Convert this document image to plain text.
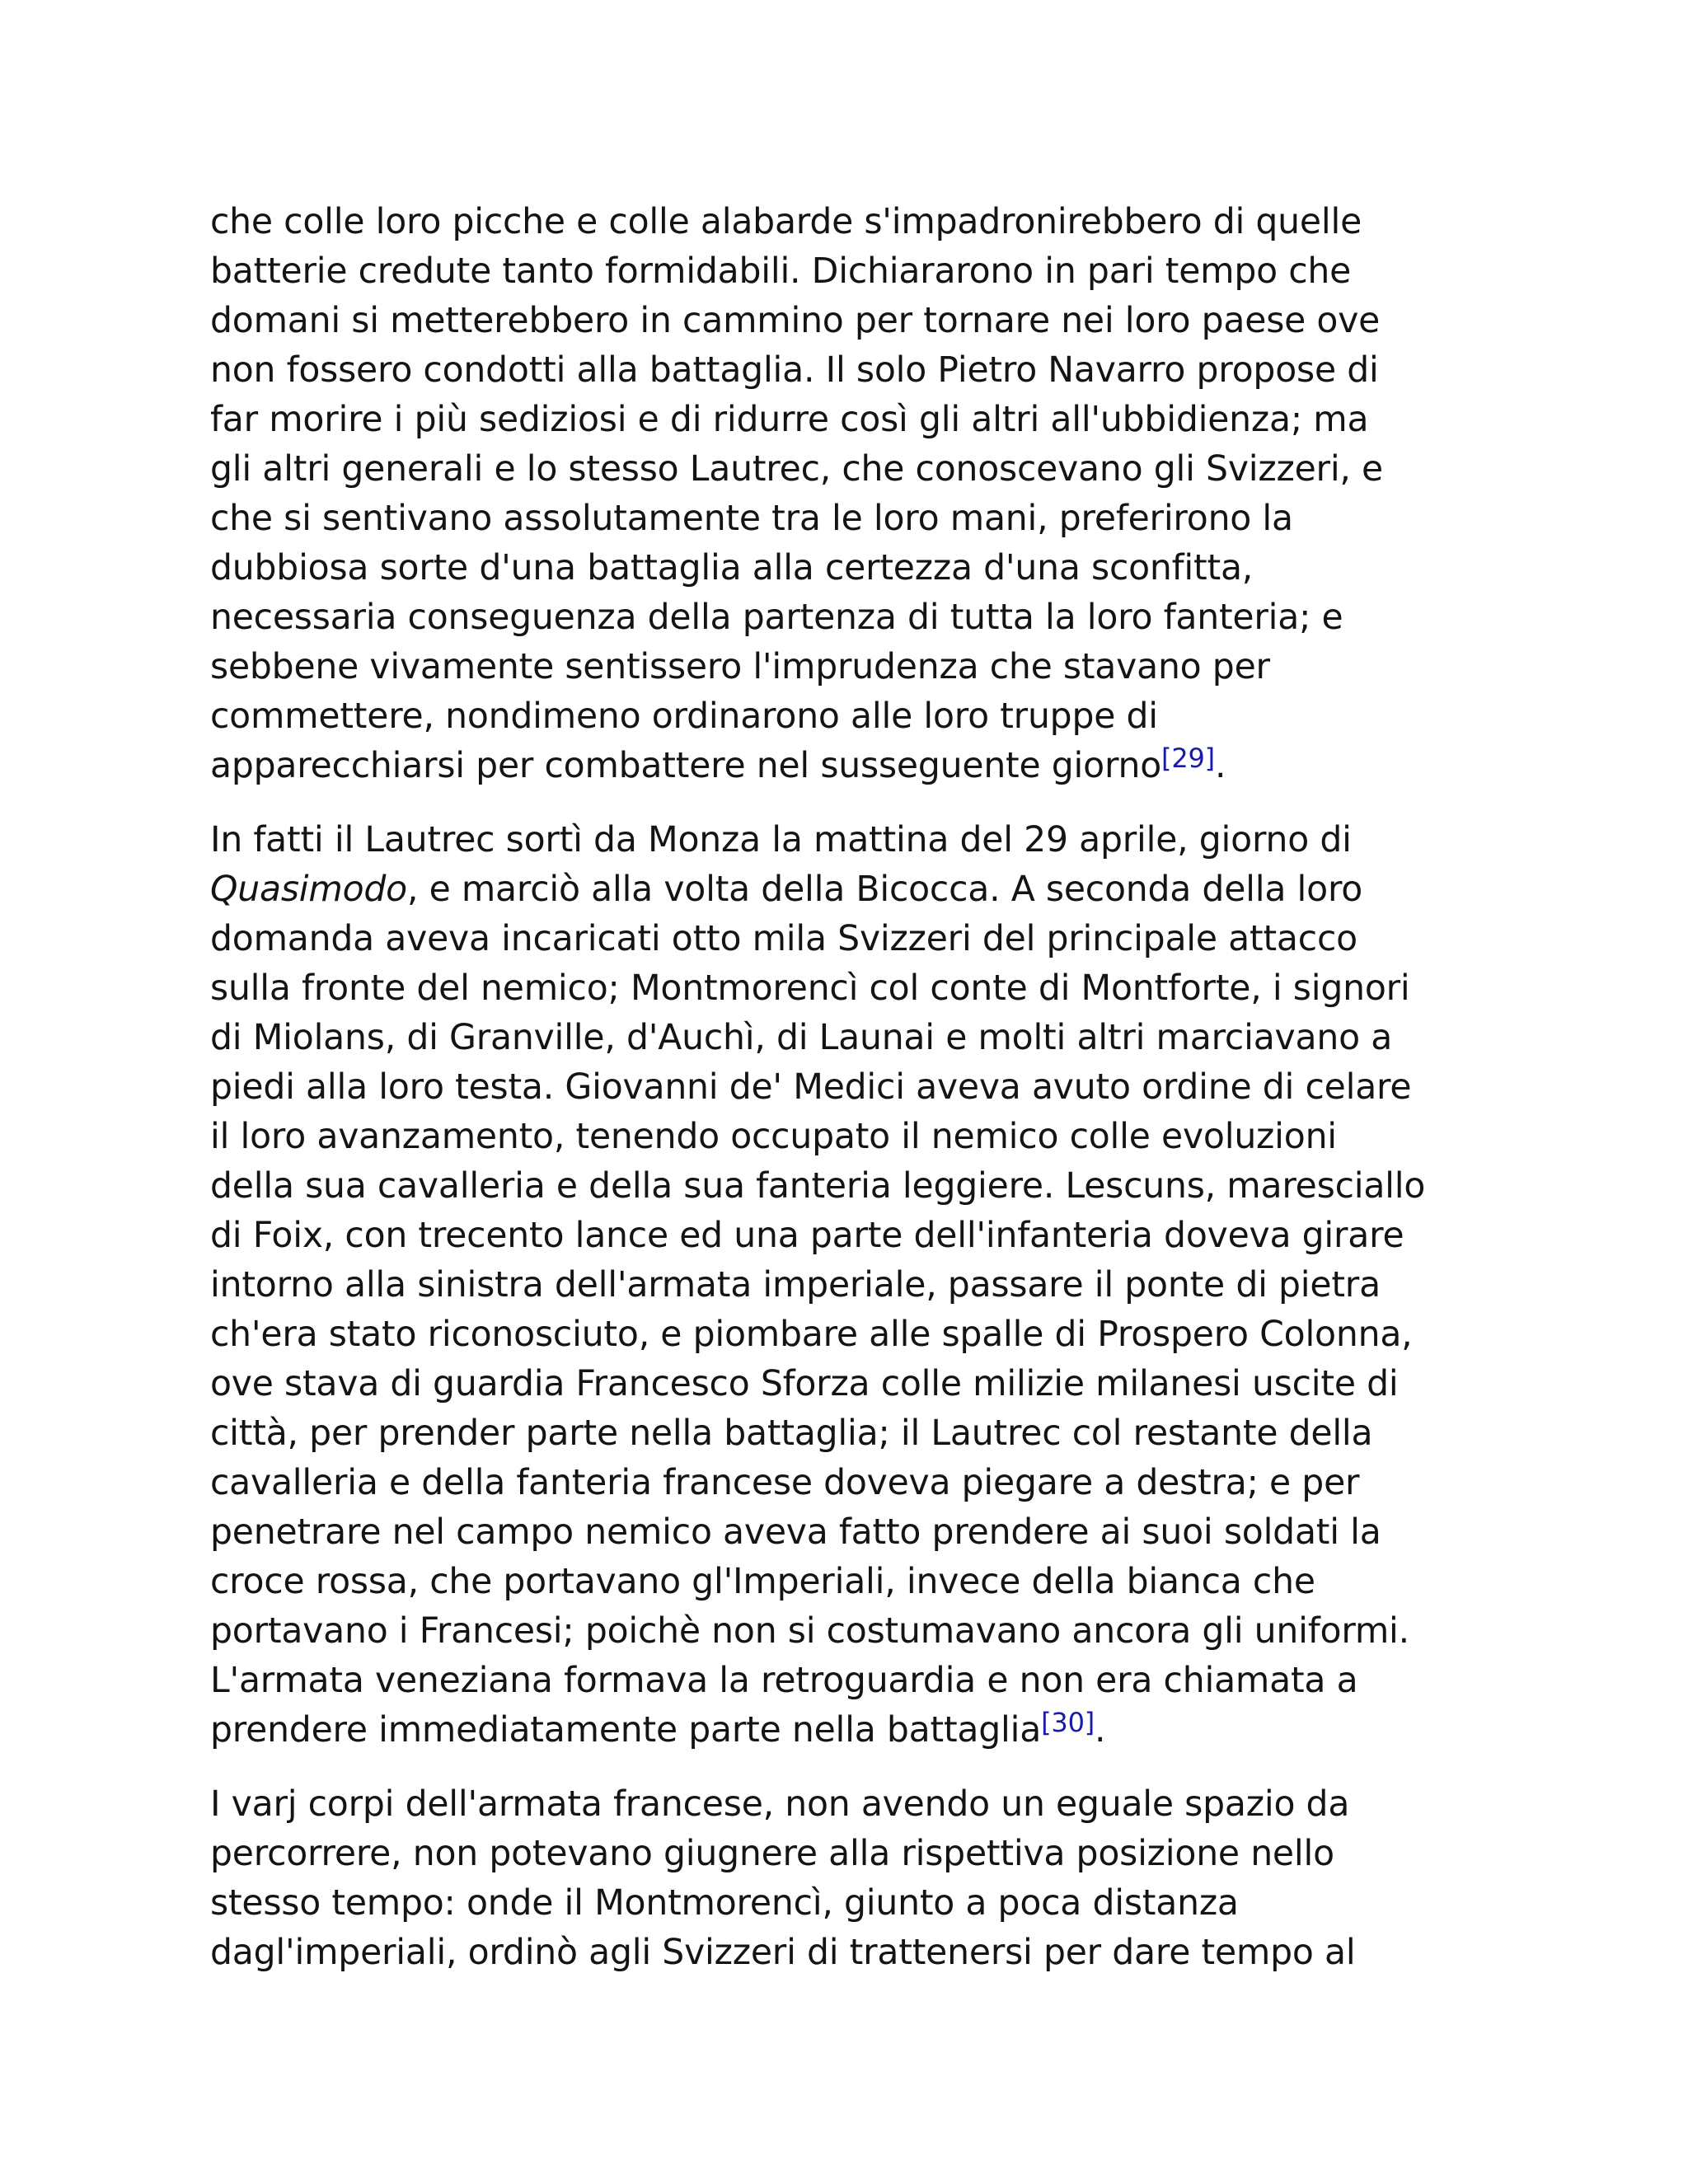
che colle loro picche e colle alabarde s'impadronirebbero di quelle
batterie credute tanto formidabili. Dichiararono in pari tempo che
domani si metterebbero in cammino per tornare nei loro paese ove
non fossero condotti alla battaglia. Il solo Pietro Navarro propose di
far morire i più sediziosi e di ridurre così gli altri all'ubbidienza; ma
gli altri generali e lo stesso Lautrec, che conoscevano gli Svizzeri, e
che si sentivano assolutamente tra le loro mani, preferirono la
dubbiosa sorte d'una battaglia alla certezza d'una sconfitta,
necessaria conseguenza della partenza di tutta la loro fanteria; e
sebbene vivamente sentissero l'imprudenza che stavano per
commettere, nondimeno ordinarono alle loro truppe di
apparecchiarsi per combattere nel susseguente giorno[29].

In fatti il Lautrec sortì da Monza la mattina del 29 aprile, giorno di
Quasimodo, e marciò alla volta della Bicocca. A seconda della loro
domanda aveva incaricati otto mila Svizzeri del principale attacco
sulla fronte del nemico; Montmorencì col conte di Montforte, i signori
di Miolans, di Granville, d'Auchì, di Launai e molti altri marciavano a
piedi alla loro testa. Giovanni de' Medici aveva avuto ordine di celare
il loro avanzamento, tenendo occupato il nemico colle evoluzioni
della sua cavalleria e della sua fanteria leggiere. Lescuns, maresciallo
di Foix, con trecento lance ed una parte dell'infanteria doveva girare
intorno alla sinistra dell'armata imperiale, passare il ponte di pietra
ch'era stato riconosciuto, e piombare alle spalle di Prospero Colonna,
ove stava di guardia Francesco Sforza colle milizie milanesi uscite di
città, per prender parte nella battaglia; il Lautrec col restante della
cavalleria e della fanteria francese doveva piegare a destra; e per
penetrare nel campo nemico aveva fatto prendere ai suoi soldati la
croce rossa, che portavano gl'Imperiali, invece della bianca che
portavano i Francesi; poichè non si costumavano ancora gli uniformi.
L'armata veneziana formava la retroguardia e non era chiamata a
prendere immediatamente parte nella battaglia[30].

I varj corpi dell'armata francese, non avendo un eguale spazio da
percorrere, non potevano giugnere alla rispettiva posizione nello
stesso tempo: onde il Montmorencì, giunto a poca distanza
dagl'imperiali, ordinò agli Svizzeri di trattenersi per dare tempo al
